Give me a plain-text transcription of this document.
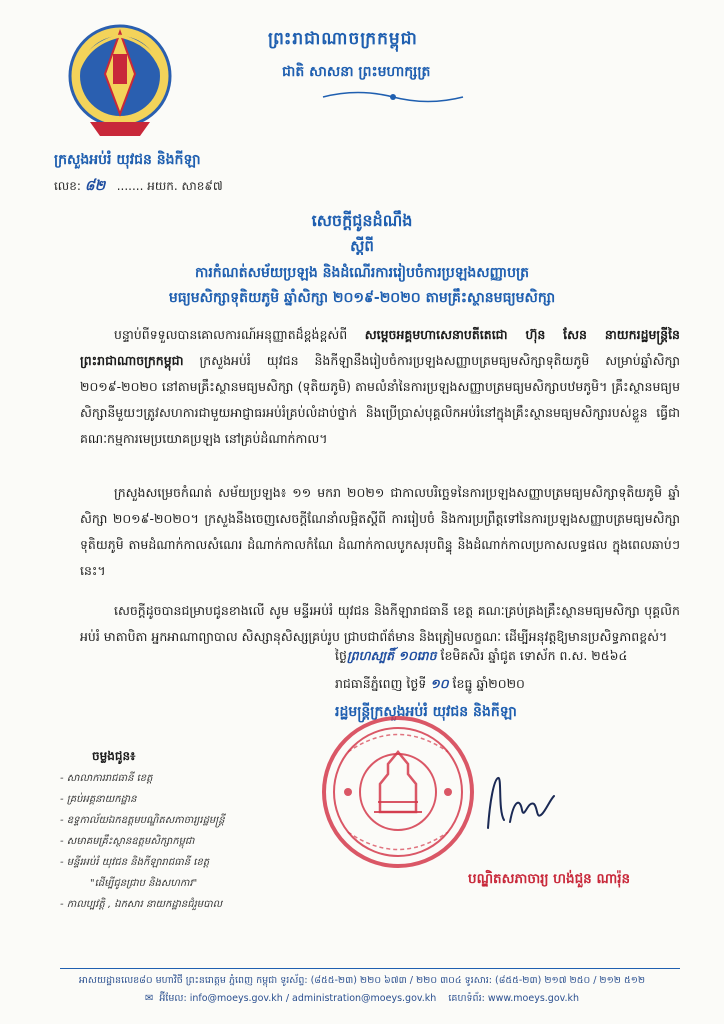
ព្រះរាជាណាចក្រកម្ពុជា
ជាតិ សាសនា ព្រះមហាក្សត្រ
ក្រសួងអប់រំ យុវជន និងកីឡា
លេខ: ៨២   ....... អយក. សាខ៩៧
សេចក្តីជូនដំណឹង
ស្តីពី
ការកំណត់សម័យប្រឡង និងដំណើរការរៀបចំការប្រឡងសញ្ញាបត្រ
មធ្យមសិក្សាទុតិយភូមិ ឆ្នាំសិក្សា ២០១៩-២០២០ តាមគ្រឹះស្ថានមធ្យមសិក្សា
បន្ទាប់ពីទទួលបានគោលការណ៍អនុញ្ញាតដ៏ខ្ពង់ខ្ពស់ពី សម្តេចអគ្គមហាសេនាបតីតេជោ ហ៊ុន សែន នាយករដ្ឋមន្ត្រីនៃព្រះរាជាណាចក្រកម្ពុជា ក្រសួងអប់រំ យុវជន និងកីឡានឹងរៀបចំការប្រឡងសញ្ញាបត្រមធ្យមសិក្សាទុតិយភូមិ សម្រាប់ឆ្នាំសិក្សា ២០១៩-២០២០ នៅតាមគ្រឹះស្ថានមធ្យមសិក្សា (ទុតិយភូមិ) តាមលំនាំនៃការប្រឡងសញ្ញាបត្រមធ្យមសិក្សាបឋមភូមិ។ គ្រឹះស្ថានមធ្យមសិក្សានីមួយៗត្រូវសហការជាមួយអាជ្ញាធរអប់រំគ្រប់លំដាប់ថ្នាក់ និងប្រើប្រាស់បុគ្គលិកអប់រំនៅក្នុងគ្រឹះស្ថានមធ្យមសិក្សារបស់ខ្លួន ធ្វើជាគណៈកម្មការមេប្រយោគប្រឡង នៅគ្រប់ដំណាក់កាល។
ក្រសួងសម្រេចកំណត់ សម័យប្រឡង៖ ១១ មករា ២០២១ ជាកាលបរិច្ឆេទនៃការប្រឡងសញ្ញាបត្រមធ្យមសិក្សាទុតិយភូមិ ឆ្នាំសិក្សា ២០១៩-២០២០។ ក្រសួងនឹងចេញសេចក្តីណែនាំលម្អិតស្តីពី ការរៀបចំ និងការប្រព្រឹត្តទៅនៃការប្រឡងសញ្ញាបត្រមធ្យមសិក្សាទុតិយភូមិ តាមដំណាក់កាលសំណេរ ដំណាក់កាលកំណែ ដំណាក់កាលបូកសរុបពិន្ទុ និងដំណាក់កាលប្រកាសលទ្ធផល ក្នុងពេលឆាប់ៗនេះ។
សេចក្តីដូចបានជម្រាបជូនខាងលើ សូម មន្ទីរអប់រំ យុវជន និងកីឡារាជធានី ខេត្ត គណៈគ្រប់គ្រងគ្រឹះស្ថានមធ្យមសិក្សា បុគ្គលិកអប់រំ មាតាបិតា អ្នកអាណាព្យាបាល សិស្សានុសិស្សគ្រប់រូប ជ្រាបជាព័ត៌មាន និងត្រៀមលក្ខណៈ ដើម្បីអនុវត្តឱ្យមានប្រសិទ្ធភាពខ្ពស់។
ថ្ងៃព្រហស្បតិ៍ ១០រោច ខែមិគសិរ ឆ្នាំជូត ទោស័ក ព.ស. ២៥៦៤
រាជធានីភ្នំពេញ ថ្ងៃទី ១០ ខែធ្នូ ឆ្នាំ២០២០
រដ្ឋមន្ត្រីក្រសួងអប់រំ យុវជន និងកីឡា
បណ្ឌិតសភាចារ្យ ហង់ជួន ណារ៉ុន
ចម្លងជូន៖
- សាលាការរាជធានី ខេត្ត
- គ្រប់អគ្គនាយកដ្ឋាន
- ឧទ្ទកាល័យឯកឧត្តមបណ្ឌិតសភាចារ្យរដ្ឋមន្ត្រី
- សមាគមគ្រឹះស្ថានឧត្តមសិក្សាកម្ពុជា
- មន្ទីរអប់រំ យុវជន និងកីឡារាជធានី ខេត្ត
"ដើម្បីជូនជ្រាប និងសហការ"
- កាលប្បវត្តិ , ឯកសារ នាយកដ្ឋានជំរួមបាល
អាសយដ្ឋានលេខ៨០ មហាវិថី ព្រះនរោត្តម ភ្នំពេញ កម្ពុជា ទូរស័ព្ទ: (៨៥៥-២៣) ២២០ ៦៧៣ / ២២០ ៣០៤ ទូរសារ: (៨៥៥-២៣) ២១៧ ២៥០ / ២១២ ៥១២
✉ អ៊ីមែល: info@moeys.gov.kh / administration@moeys.gov.kh គេហទំព័រ: www.moeys.gov.kh
